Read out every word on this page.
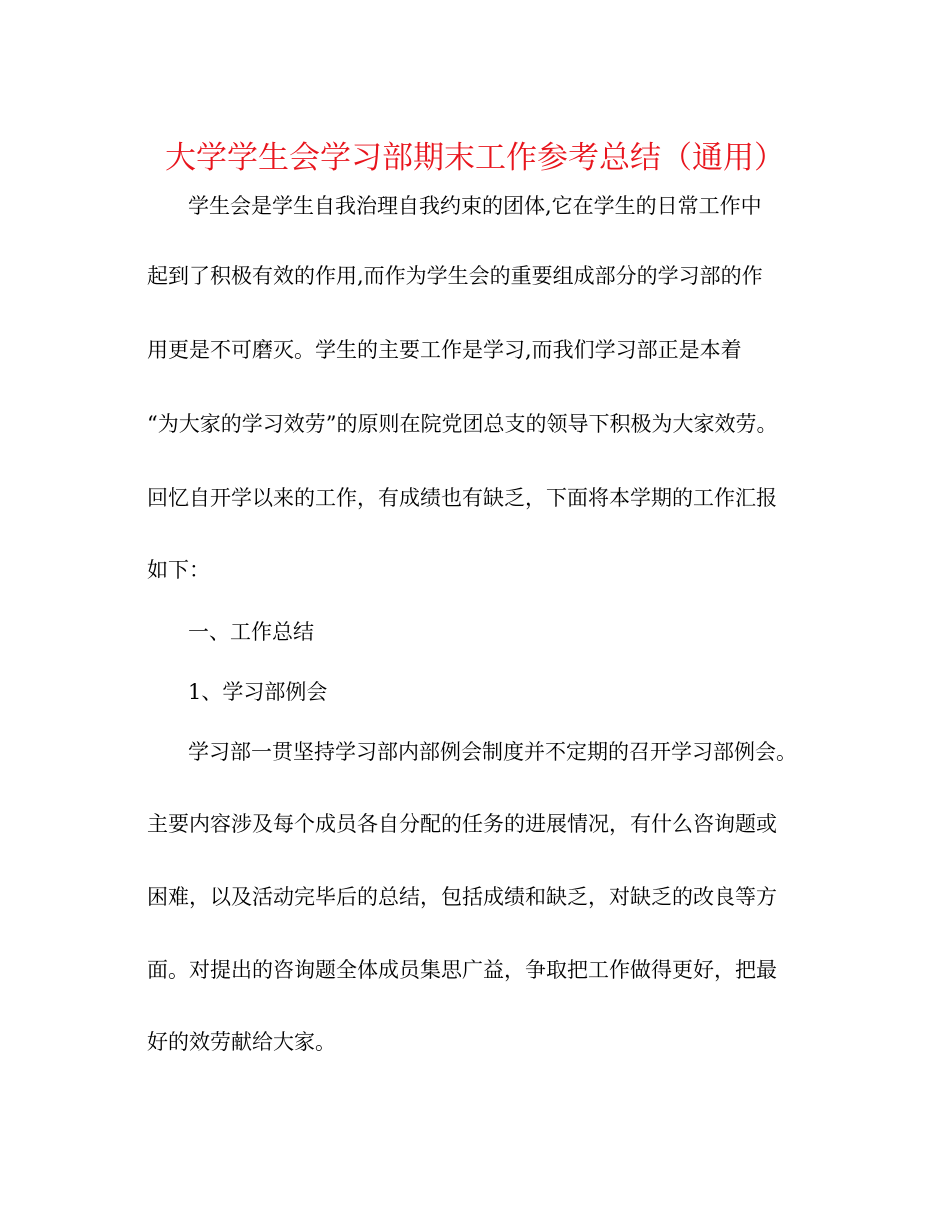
大学学生会学习部期末工作参考总结（通用）
学生会是学生自我治理自我约束的团体,它在学生的日常工作中
起到了积极有效的作用,而作为学生会的重要组成部分的学习部的作
用更是不可磨灭。学生的主要工作是学习,而我们学习部正是本着
“为大家的学习效劳”的原则在院党团总支的领导下积极为大家效劳。
回忆自开学以来的工作，有成绩也有缺乏，下面将本学期的工作汇报
如下：
一、工作总结
1、学习部例会
学习部一贯坚持学习部内部例会制度并不定期的召开学习部例会。
主要内容涉及每个成员各自分配的任务的进展情况，有什么咨询题或
困难，以及活动完毕后的总结，包括成绩和缺乏，对缺乏的改良等方
面。对提出的咨询题全体成员集思广益，争取把工作做得更好，把最
好的效劳献给大家。
